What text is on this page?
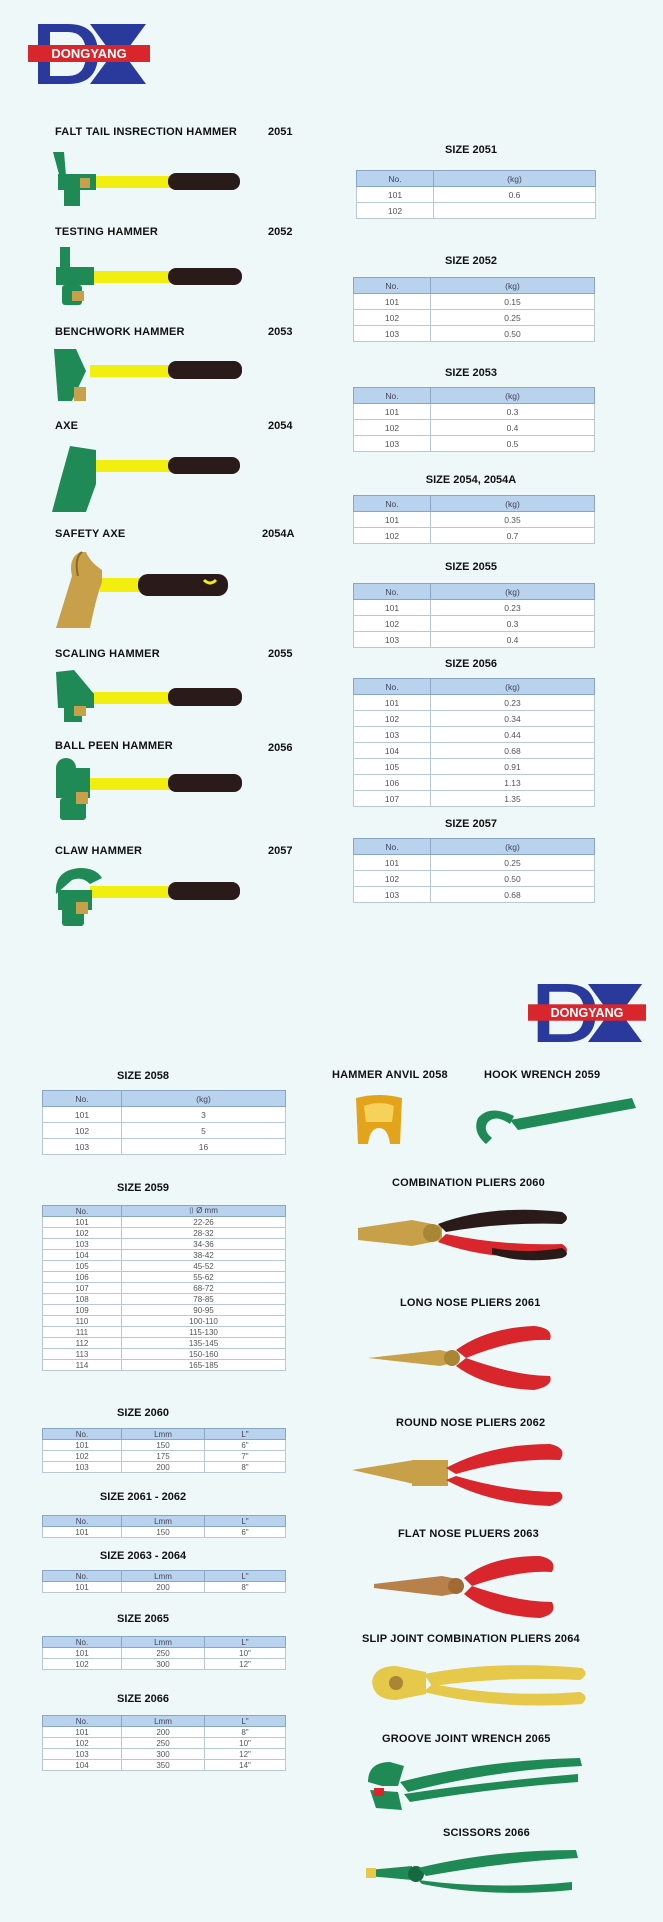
DONGYANG
FALT TAIL INSRECTION HAMMER	2051
TESTING HAMMER	2052
BENCHWORK HAMMER	2053
AXE	2054
SAFETY AXE	2054A
SCALING HAMMER	2055
BALL PEEN HAMMER	2056
CLAW HAMMER	2057
SIZE 2051
No.	(kg)
101	0.6
102	
SIZE 2052
No.	(kg)
101	0.15
102	0.25
103	0.50
SIZE 2053
No.	(kg)
101	0.3
102	0.4
103	0.5
SIZE 2054, 2054A
No.	(kg)
101	0.35
102	0.7
SIZE 2055
No.	(kg)
101	0.23
102	0.3
103	0.4
SIZE 2056
No.	(kg)
101	0.23
102	0.34
103	0.44
104	0.68
105	0.91
106	1.13
107	1.35
SIZE 2057
No.	(kg)
101	0.25
102	0.50
103	0.68
DONGYANG
SIZE 2058
No.	(kg)
101	3
102	5
103	16
SIZE 2059
No.	⌷ Ø mm
101	22-26
102	28-32
103	34-36
104	38-42
105	45-52
106	55-62
107	68-72
108	78-85
109	90-95
110	100-110
111	115-130
112	135-145
113	150-160
114	165-185
SIZE 2060
No.	Lmm	L"
101	150	6"
102	175	7"
103	200	8"
SIZE 2061 - 2062
No.	Lmm	L"
101	150	6"
SIZE 2063 - 2064
No.	Lmm	L"
101	200	8"
SIZE 2065
No.	Lmm	L"
101	250	10"
102	300	12"
SIZE 2066
No.	Lmm	L"
101	200	8"
102	250	10"
103	300	12"
104	350	14"
HAMMER ANVIL 2058	HOOK WRENCH 2059
COMBINATION PLIERS 2060
LONG NOSE PLIERS 2061
ROUND NOSE PLIERS 2062
FLAT NOSE PLUERS 2063
SLIP JOINT COMBINATION PLIERS 2064
GROOVE JOINT WRENCH 2065
SCISSORS 2066
